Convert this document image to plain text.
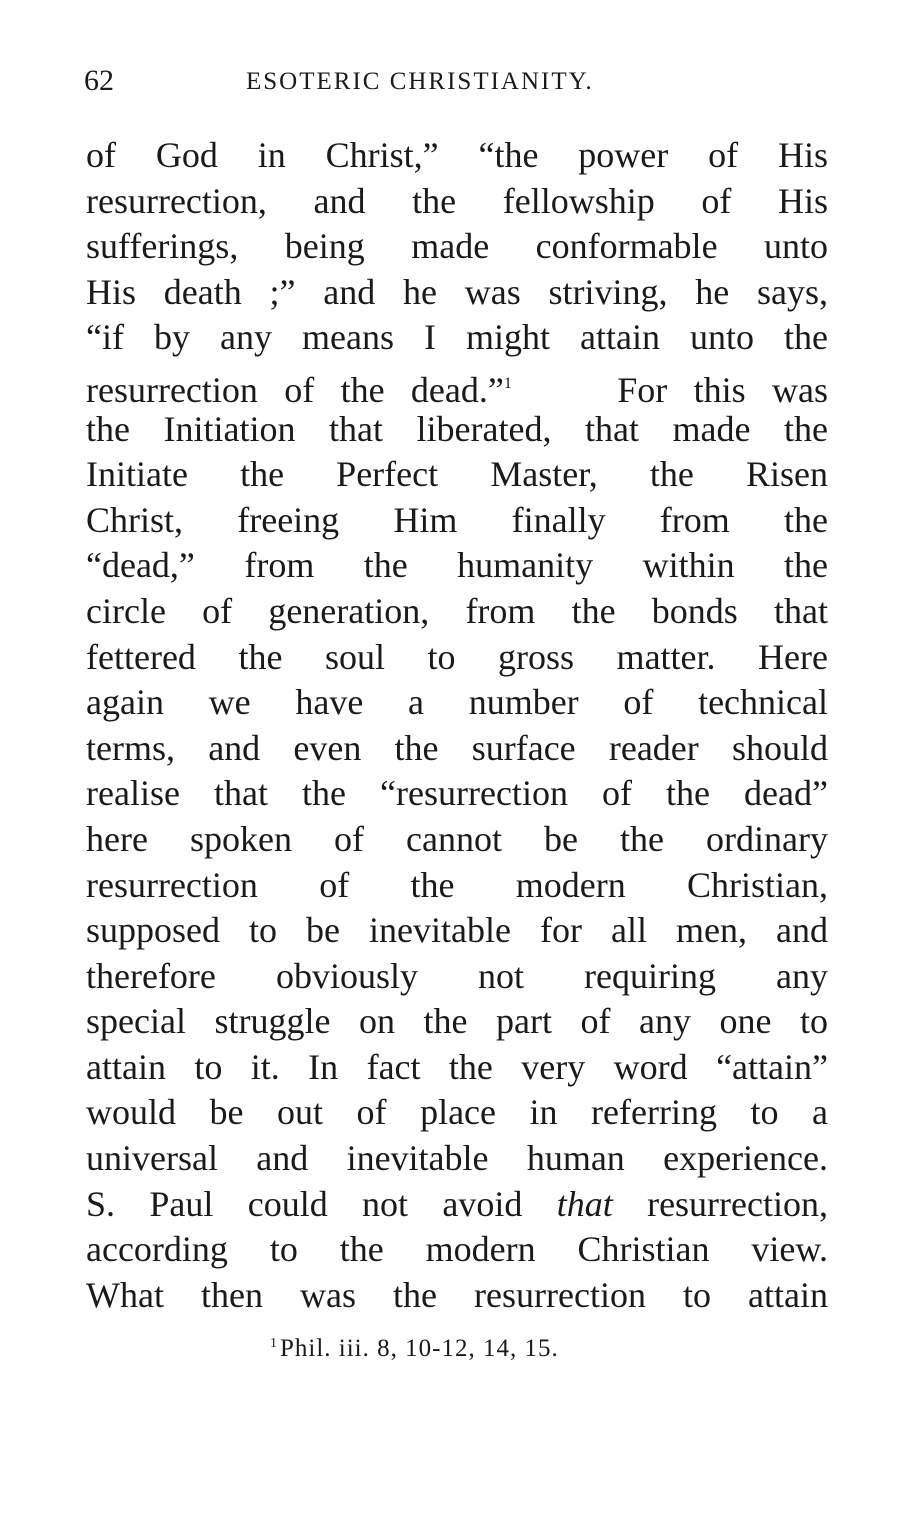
62	ESOTERIC CHRISTIANITY.
of God in Christ,” “the power of His
resurrection, and the fellowship of His
sufferings, being made conformable unto
His death ;” and he was striving, he says,
“if by any means I might attain unto the
resurrection of the dead.”$^1$	For this was
the Initiation that liberated, that made the
Initiate the Perfect Master, the Risen
Christ, freeing Him finally from the
“dead,” from the humanity within the
circle of generation, from the bonds that
fettered the soul to gross matter. Here
again we have a number of technical
terms, and even the surface reader should
realise that the “resurrection of the dead”
here spoken of cannot be the ordinary
resurrection of the modern Christian,
supposed to be inevitable for all men, and
therefore obviously not requiring any
special struggle on the part of any one to
attain to it. In fact the very word “attain”
would be out of place in referring to a
universal and inevitable human experience.
S. Paul could not avoid that resurrection,
according to the modern Christian view.
What then was the resurrection to attain
$^1$Phil. iii. 8, 10-12, 14, 15.
